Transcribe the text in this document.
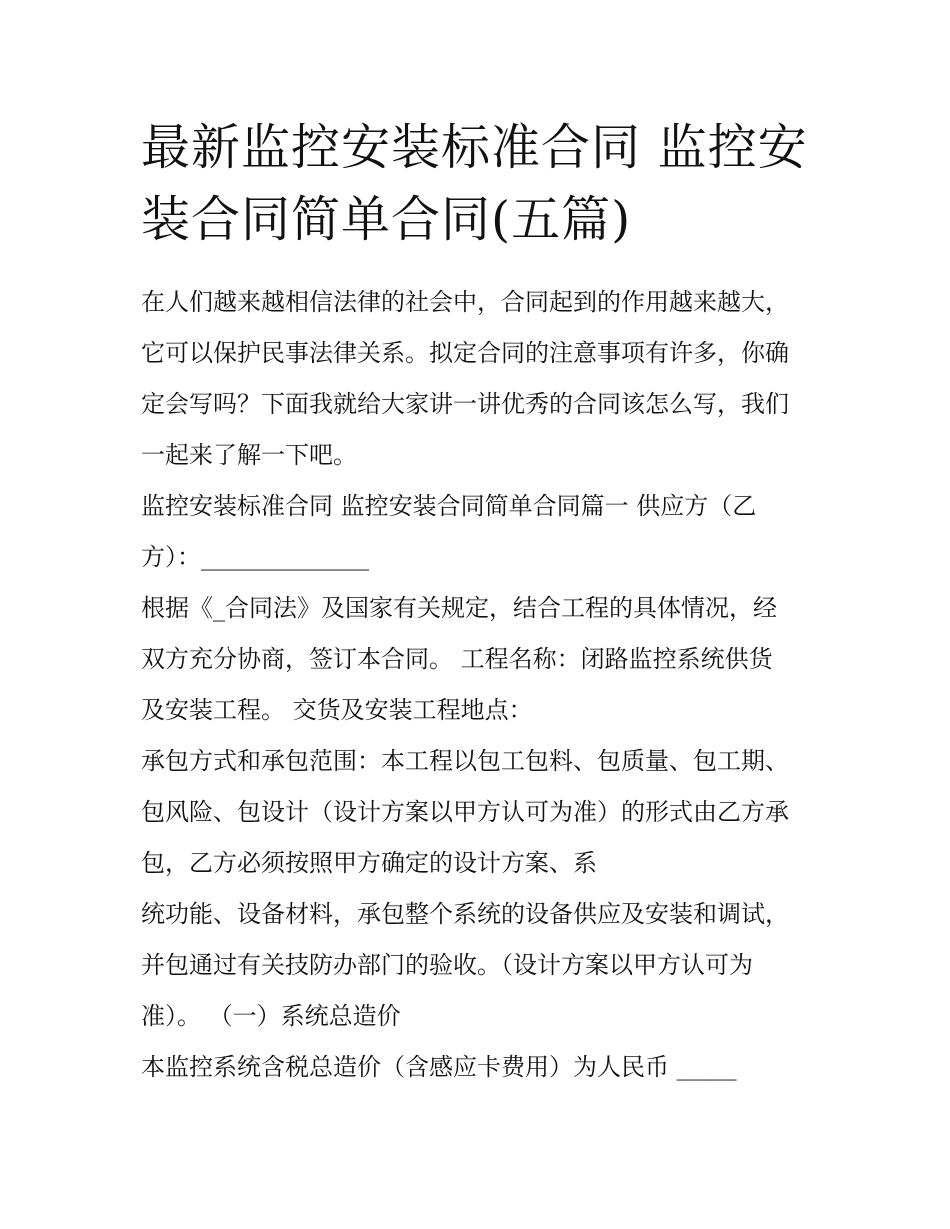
最新监控安装标准合同 监控安
装合同简单合同(五篇)

在人们越来越相信法律的社会中，合同起到的作用越来越大，
它可以保护民事法律关系。拟定合同的注意事项有许多，你确
定会写吗？下面我就给大家讲一讲优秀的合同该怎么写，我们
一起来了解一下吧。

监控安装标准合同 监控安装合同简单合同篇一 供应方（乙
方）：______________

根据《_合同法》及国家有关规定，结合工程的具体情况，经
双方充分协商，签订本合同。 工程名称：闭路监控系统供货
及安装工程。 交货及安装工程地点：

承包方式和承包范围：本工程以包工包料、包质量、包工期、
包风险、包设计（设计方案以甲方认可为准）的形式由乙方承
包，乙方必须按照甲方确定的设计方案、系

统功能、设备材料，承包整个系统的设备供应及安装和调试，
并包通过有关技防办部门的验收。（设计方案以甲方认可为
准）。 （一）系统总造价

本监控系统含税总造价（含感应卡费用）为人民币 _____
